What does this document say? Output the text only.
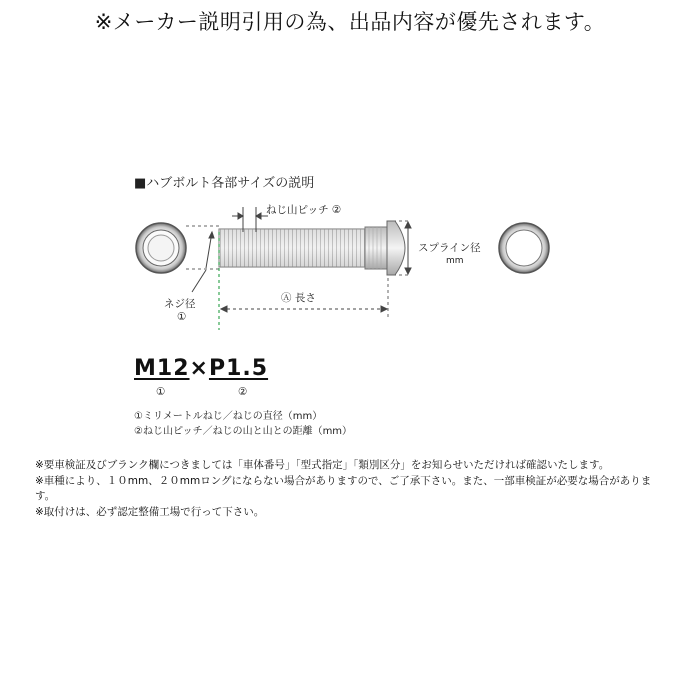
※メーカー説明引用の為、出品内容が優先されます。
■ハブボルト各部サイズの説明
ねじ山ピッチ ②
スプライン径
mm
ネジ径
①
Ⓐ 長さ
M12×P1.5
①	②
①ミリメートルねじ／ねじの直径（mm）
②ねじ山ピッチ／ねじの山と山との距離（mm）

※要車検証及びブランク欄につきましては「車体番号」「型式指定」「類別区分」をお知らせいただければ確認いたします。

※車種により、１０mm、２０mmロングにならない場合がありますので、ご了承下さい。また、一部車検証が必要な場合があります。

※取付けは、必ず認定整備工場で行って下さい。
